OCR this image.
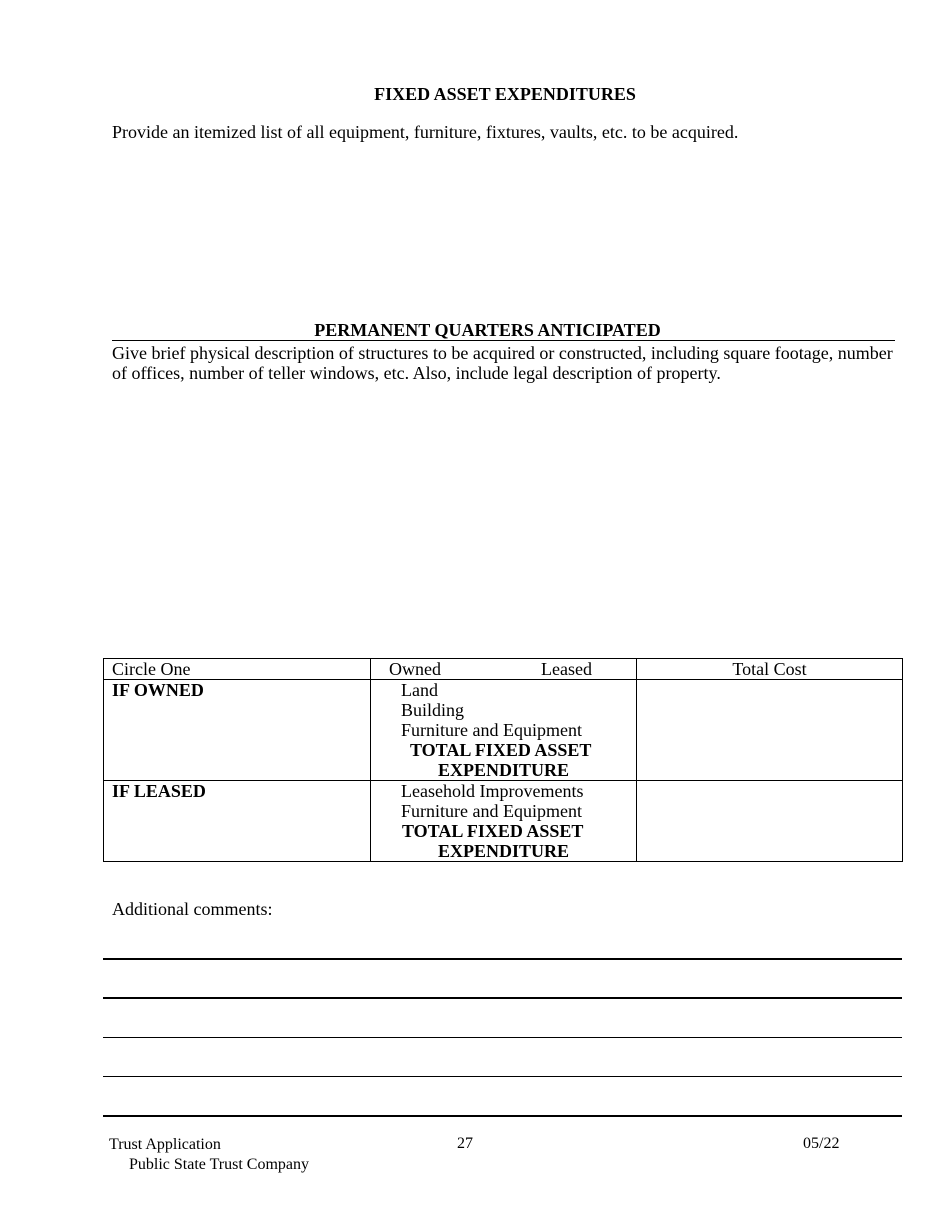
FIXED ASSET EXPENDITURES
Provide an itemized list of all equipment, furniture, fixtures, vaults, etc. to be acquired.
PERMANENT QUARTERS ANTICIPATED
Give brief physical description of structures to be acquired or constructed, including square footage, number of offices, number of teller windows, etc. Also, include legal description of property.
Circle One	Owned Leased	Total Cost
IF OWNED	Land
Building
Furniture and Equipment
TOTAL FIXED ASSET
EXPENDITURE	

IF LEASED	Leasehold Improvements
Furniture and Equipment
TOTAL FIXED ASSET
EXPENDITURE	

Additional comments:
Trust Application
Public State Trust Company
27	05/22
